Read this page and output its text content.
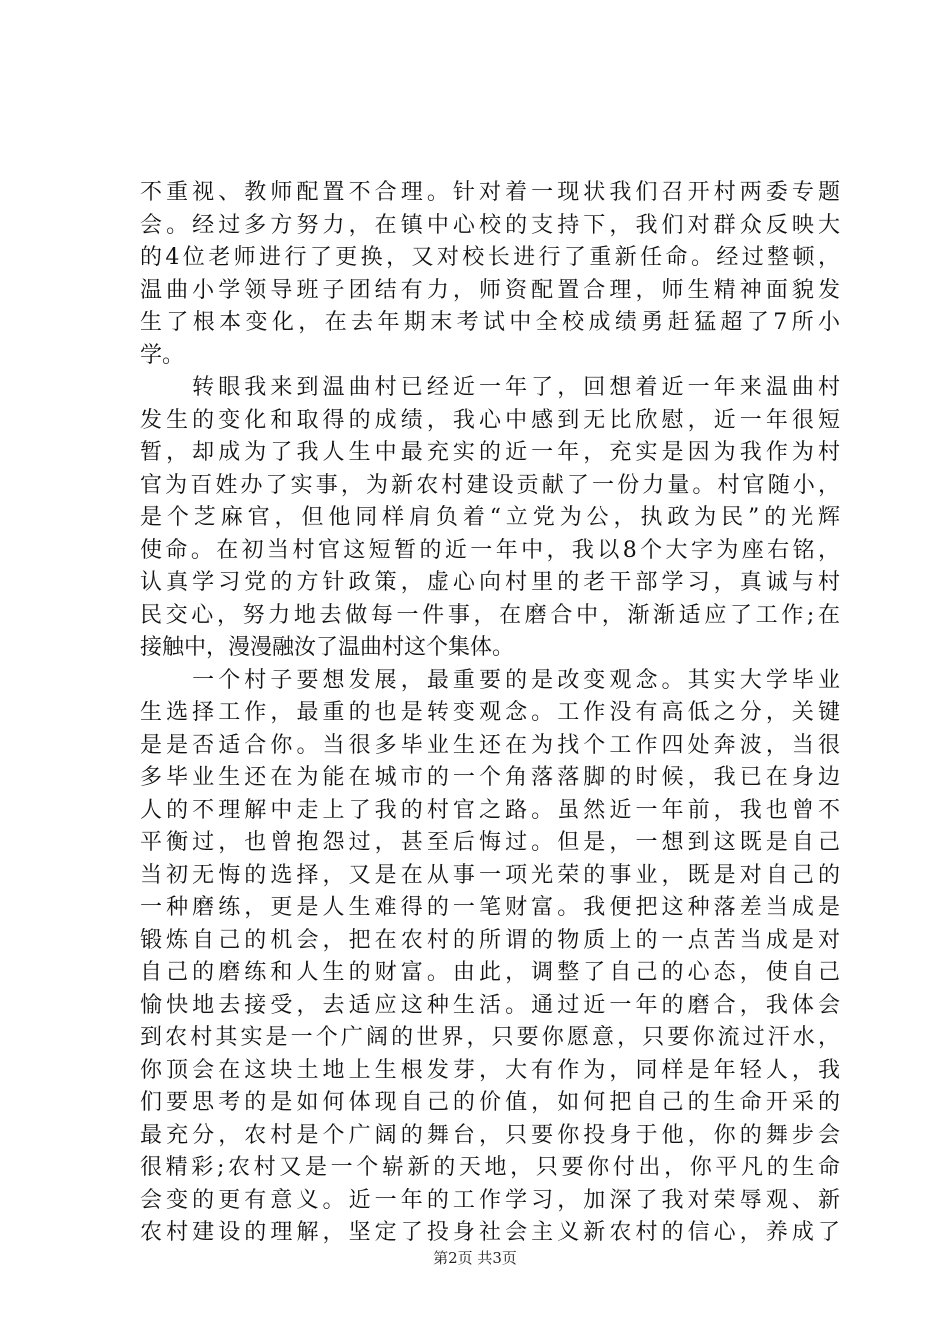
不重视、教师配置不合理。针对着一现状我们召开村两委专题
会。经过多方努力，在镇中心校的支持下，我们对群众反映大
的4位老师进行了更换，又对校长进行了重新任命。经过整顿，
温曲小学领导班子团结有力，师资配置合理，师生精神面貌发
生了根本变化，在去年期末考试中全校成绩勇赶猛超了7所小
学。
　　转眼我来到温曲村已经近一年了，回想着近一年来温曲村
发生的变化和取得的成绩，我心中感到无比欣慰，近一年很短
暂，却成为了我人生中最充实的近一年，充实是因为我作为村
官为百姓办了实事，为新农村建设贡献了一份力量。村官随小，
是个芝麻官，但他同样肩负着“立党为公，执政为民”的光辉
使命。在初当村官这短暂的近一年中，我以8个大字为座右铭，
认真学习党的方针政策，虚心向村里的老干部学习，真诚与村
民交心，努力地去做每一件事，在磨合中，渐渐适应了工作;在
接触中，漫漫融汝了温曲村这个集体。
　　一个村子要想发展，最重要的是改变观念。其实大学毕业
生选择工作，最重的也是转变观念。工作没有高低之分，关键
是是否适合你。当很多毕业生还在为找个工作四处奔波，当很
多毕业生还在为能在城市的一个角落落脚的时候，我已在身边
人的不理解中走上了我的村官之路。虽然近一年前，我也曾不
平衡过，也曾抱怨过，甚至后悔过。但是，一想到这既是自己
当初无悔的选择，又是在从事一项光荣的事业，既是对自己的
一种磨练，更是人生难得的一笔财富。我便把这种落差当成是
锻炼自己的机会，把在农村的所谓的物质上的一点苦当成是对
自己的磨练和人生的财富。由此，调整了自己的心态，使自己
愉快地去接受，去适应这种生活。通过近一年的磨合，我体会
到农村其实是一个广阔的世界，只要你愿意，只要你流过汗水，
你顶会在这块土地上生根发芽，大有作为，同样是年轻人，我
们要思考的是如何体现自己的价值，如何把自己的生命开采的
最充分，农村是个广阔的舞台，只要你投身于他，你的舞步会
很精彩;农村又是一个崭新的天地，只要你付出，你平凡的生命
会变的更有意义。近一年的工作学习，加深了我对荣辱观、新
农村建设的理解，坚定了投身社会主义新农村的信心，养成了
第2页 共3页
